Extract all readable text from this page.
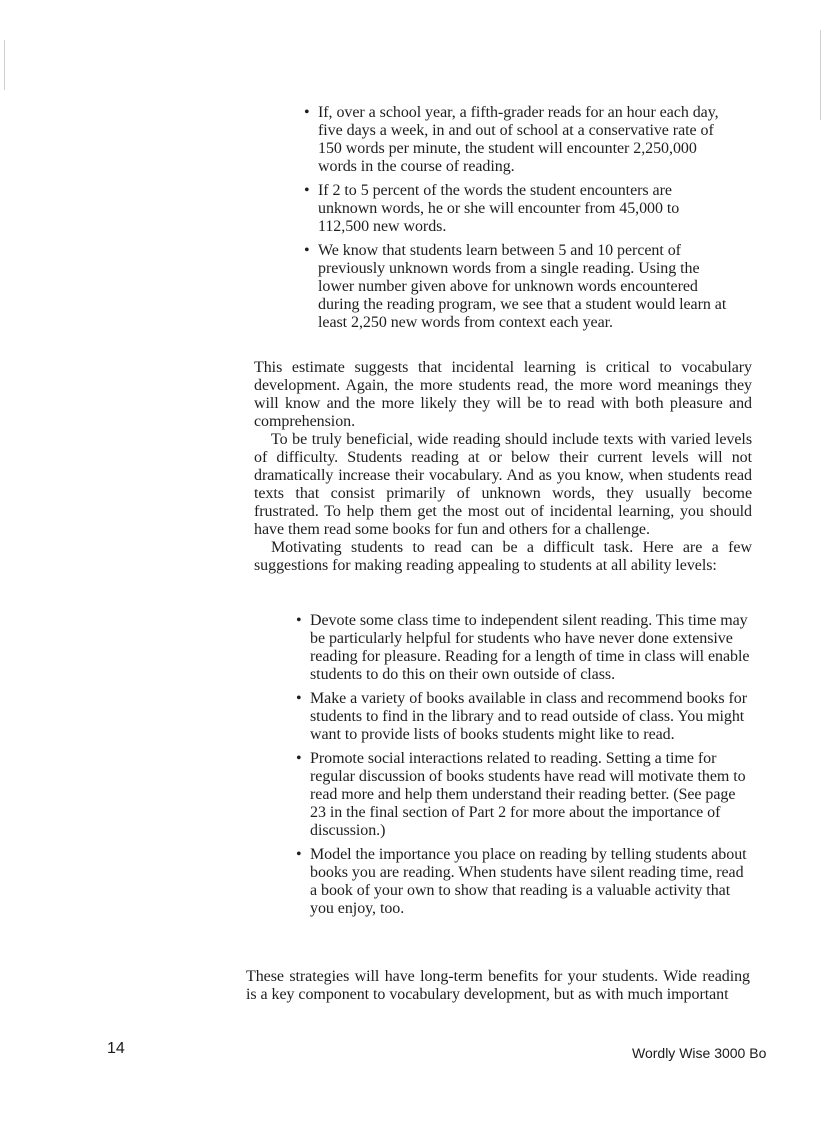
• If, over a school year, a fifth-grader reads for an hour each day, five days a week, in and out of school at a conservative rate of 150 words per minute, the student will encounter 2,250,000 words in the course of reading.
• If 2 to 5 percent of the words the student encounters are unknown words, he or she will encounter from 45,000 to 112,500 new words.
• We know that students learn between 5 and 10 percent of previously unknown words from a single reading. Using the lower number given above for unknown words encountered during the reading program, we see that a student would learn at least 2,250 new words from context each year.

This estimate suggests that incidental learning is critical to vocabulary development. Again, the more students read, the more word meanings they will know and the more likely they will be to read with both pleasure and comprehension.

To be truly beneficial, wide reading should include texts with varied levels of difficulty. Students reading at or below their current levels will not dramatically increase their vocabulary. And as you know, when students read texts that consist primarily of unknown words, they usually become frustrated. To help them get the most out of incidental learning, you should have them read some books for fun and others for a challenge.

Motivating students to read can be a difficult task. Here are a few suggestions for making reading appealing to students at all ability levels:

• Devote some class time to independent silent reading. This time may be particularly helpful for students who have never done extensive reading for pleasure. Reading for a length of time in class will enable students to do this on their own outside of class.
• Make a variety of books available in class and recommend books for students to find in the library and to read outside of class. You might want to provide lists of books students might like to read.
• Promote social interactions related to reading. Setting a time for regular discussion of books students have read will motivate them to read more and help them understand their reading better. (See page 23 in the final section of Part 2 for more about the importance of discussion.)
• Model the importance you place on reading by telling students about books you are reading. When students have silent reading time, read a book of your own to show that reading is a valuable activity that you enjoy, too.

These strategies will have long-term benefits for your students. Wide reading is a key component to vocabulary development, but as with much important

14	Wordly Wise 3000 Bo
